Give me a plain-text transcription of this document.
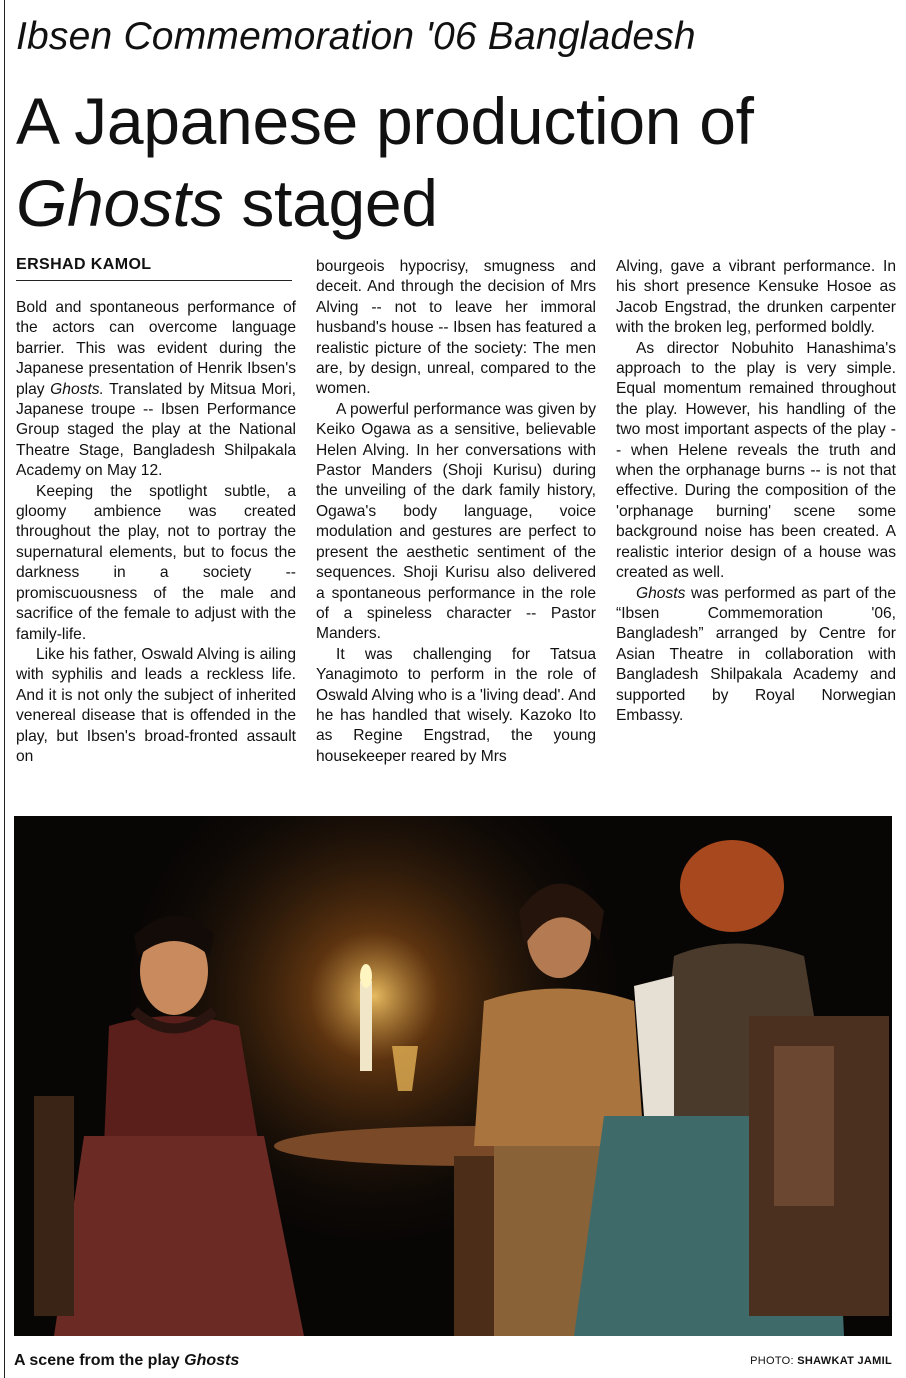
Ibsen Commemoration '06 Bangladesh
A Japanese production of
Ghosts staged
ERSHAD KAMOL

Bold and spontaneous performance of the actors can overcome language barrier. This was evident during the Japanese presentation of Henrik Ibsen's play Ghosts. Translated by Mitsua Mori, Japanese troupe -- Ibsen Performance Group staged the play at the National Theatre Stage, Bangladesh Shilpakala Academy on May 12.

Keeping the spotlight subtle, a gloomy ambience was created throughout the play, not to portray the supernatural elements, but to focus the darkness in a society -- promiscuousness of the male and sacrifice of the female to adjust with the family-life.

Like his father, Oswald Alving is ailing with syphilis and leads a reckless life. And it is not only the subject of inherited venereal disease that is offended in the play, but Ibsen's broad-fronted assault on

bourgeois hypocrisy, smugness and deceit. And through the decision of Mrs Alving -- not to leave her immoral husband's house -- Ibsen has featured a realistic picture of the society: The men are, by design, unreal, compared to the women.

A powerful performance was given by Keiko Ogawa as a sensitive, believable Helen Alving. In her conversations with Pastor Manders (Shoji Kurisu) during the unveiling of the dark family history, Ogawa's body language, voice modulation and gestures are perfect to present the aesthetic sentiment of the sequences. Shoji Kurisu also delivered a spontaneous performance in the role of a spineless character -- Pastor Manders.

It was challenging for Tatsua Yanagimoto to perform in the role of Oswald Alving who is a 'living dead'. And he has handled that wisely. Kazoko Ito as Regine Engstrad, the young housekeeper reared by Mrs

Alving, gave a vibrant performance. In his short presence Kensuke Hosoe as Jacob Engstrad, the drunken carpenter with the broken leg, performed boldly.

As director Nobuhito Hanashima's approach to the play is very simple. Equal momentum remained throughout the play. However, his handling of the two most important aspects of the play -- when Helene reveals the truth and when the orphanage burns -- is not that effective. During the composition of the 'orphanage burning' scene some background noise has been created. A realistic interior design of a house was created as well.

Ghosts was performed as part of the “Ibsen Commemoration '06, Bangladesh” arranged by Centre for Asian Theatre in collaboration with Bangladesh Shilpakala Academy and supported by Royal Norwegian Embassy.

A scene from the play Ghosts	PHOTO: SHAWKAT JAMIL
